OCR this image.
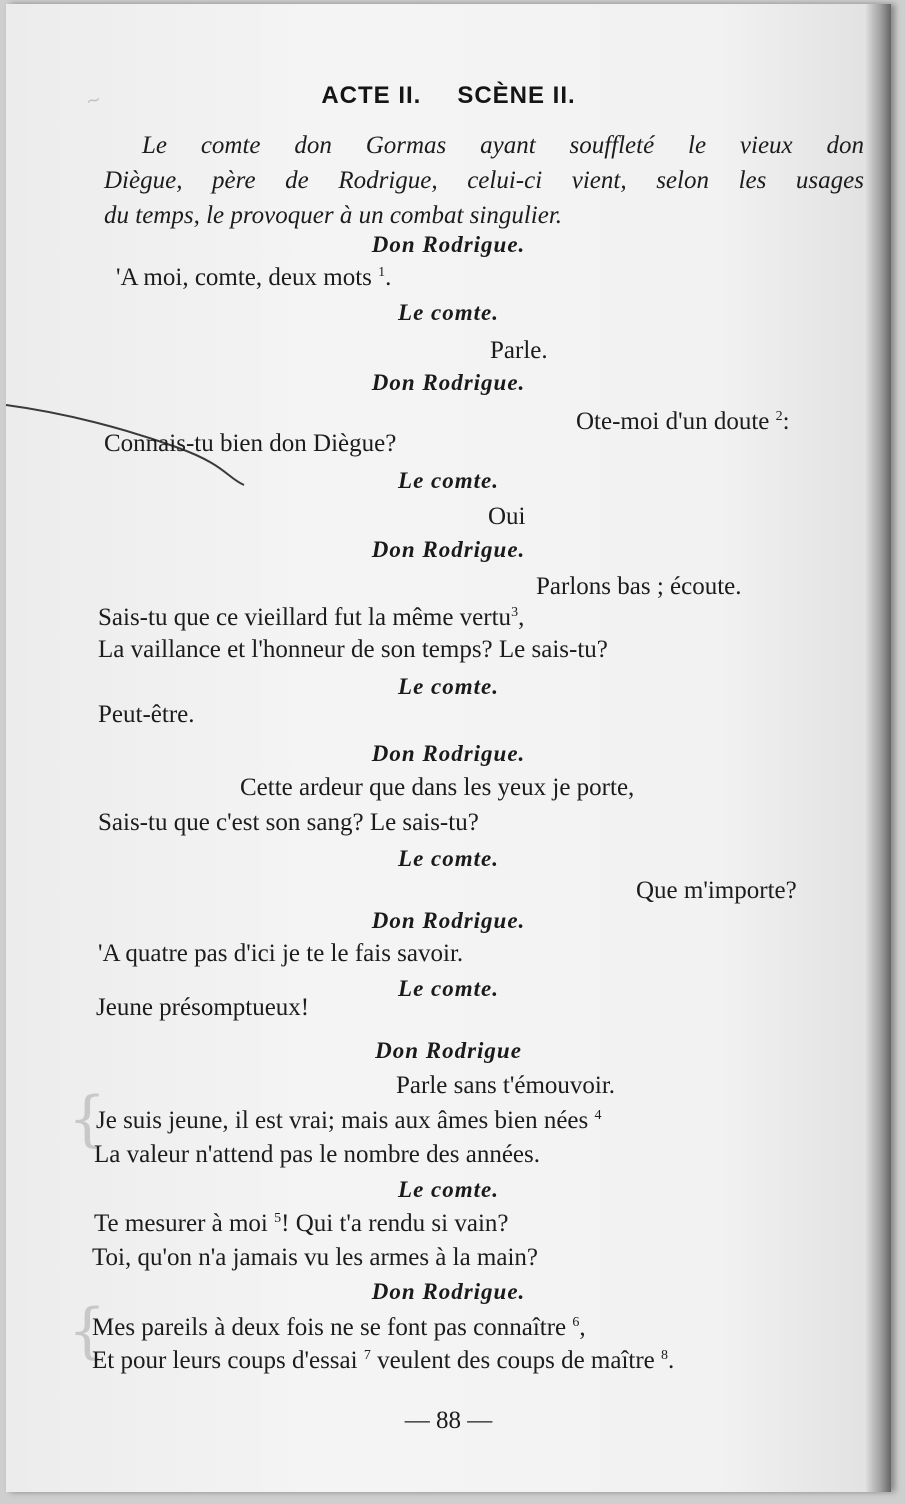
~
{
{
ACTE II. SCÈNE II.
Le comte don Gormas ayant souffleté le vieux don
Diègue, père de Rodrigue, celui-ci vient, selon les usages
du temps, le provoquer à un combat singulier.
Don Rodrigue.
'A moi, comte, deux mots $^1$.
Le comte.
Parle.
Don Rodrigue.
Ote-moi d'un doute $^2$:
Connais-tu bien don Diègue?
Le comte.
Oui
Don Rodrigue.
Parlons bas ; écoute.
Sais-tu que ce vieillard fut la même vertu$^3$,
La vaillance et l'honneur de son temps? Le sais-tu?
Le comte.
Peut-être.
Don Rodrigue.
Cette ardeur que dans les yeux je porte,
Sais-tu que c'est son sang? Le sais-tu?
Le comte.
Que m'importe?
Don Rodrigue.
'A quatre pas d'ici je te le fais savoir.
Le comte.
Jeune présomptueux!
Don Rodrigue
Parle sans t'émouvoir.
Je suis jeune, il est vrai; mais aux âmes bien nées $^4$
La valeur n'attend pas le nombre des années.
Le comte.
Te mesurer à moi $^5$! Qui t'a rendu si vain?
Toi, qu'on n'a jamais vu les armes à la main?
Don Rodrigue.
Mes pareils à deux fois ne se font pas connaître $^6$,
Et pour leurs coups d'essai $^7$ veulent des coups de maître $^8$.
— 88 —
